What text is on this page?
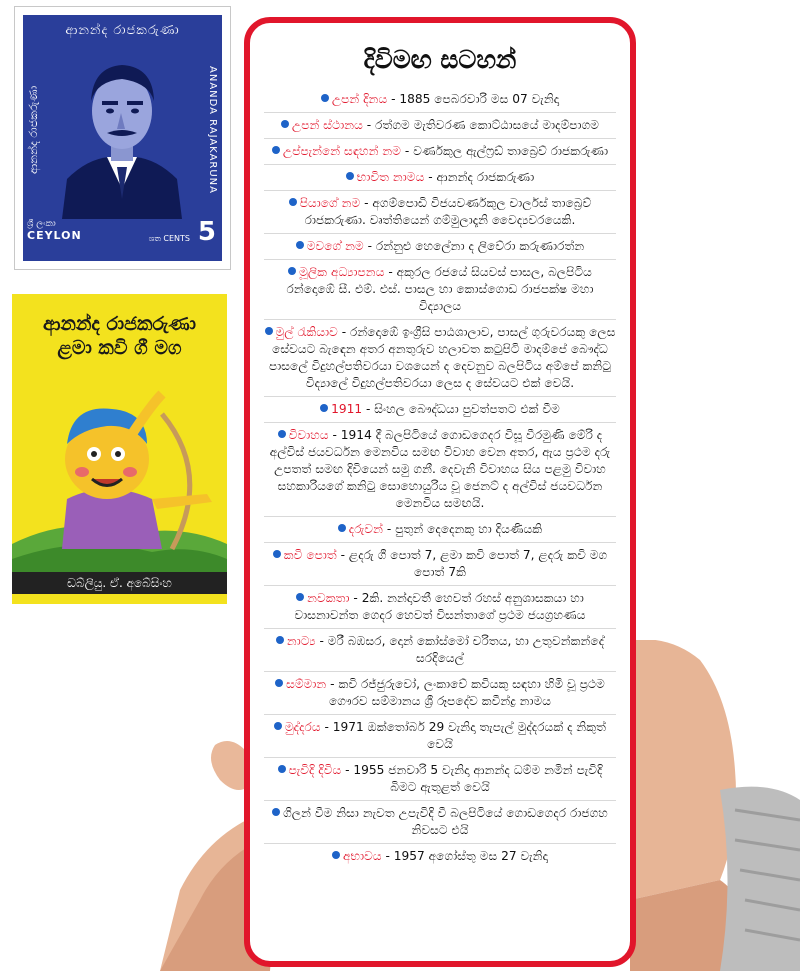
ආනන්ද රාජකරුණා
ආනන්ද රාජකරුණා	ANANDA RAJAKARUNA
ශ්‍රී ලංකා
CEYLON	ශත CENTS 5
ආනන්ද රාජකරුණා
ළමා කවි ගී මග
ඩබ්ලියු. ඒ. අබේසිංහ
දිවිමඟ සටහන්
උපන් දිනය - 1885 පෙබරවාරි මස 07 වැනිදා
උපන් ස්ථානය - රත්ගම මැතිවරණ කොට්ඨාසයේ මාදම්පාගම
උප්පැන්නේ සඳහන් නම - වර්ණකුල ඇල්ෆ්‍රඩ් තාබ්‍රෙව් රාජකරුණා
භාවිත නාමය - ආනන්ද රාජකරුණා
පියාගේ නම - අගම්පොඩි විජයවර්ණකුල චාර්ලස් තාබ්‍රෙව් රාජකරුණා. වෘත්තියෙන් ගම්මුලාදෑනි වෛද්‍යවරයෙකි.
මවගේ නම - රන්නුළු හෙලේනා ද ලිවේරා කරුණාරත්න
මූලික අධ්‍යාපනය - අකුරල රජයේ සියවස් පාසල, බලපිටිය රන්දොඹේ සී. එම්. එස්. පාසල හා කොස්ගොඩ රාජපක්ෂ මහා විද්‍යාලය
මුල් රැකියාව - රන්දොඹේ ඉංග්‍රීසි පාඨශාලාව, පාසල් ගුරුවරයකු ලෙස සේවයට බැඳෙන අතර අනතුරුව හලාවත කටුපිටි මාදම්පේ බෞද්ධ පාසලේ විදුහල්පතිවරයා වශයෙන් ද දෙවනුව බලපිටිය අම්පේ කනිටු විද්‍යාලේ විදුහල්පතිවරයා ලෙස ද සේවයට එක් වෙයි.
1911 - සිංහල බෞද්ධයා පුවත්පතට එක් වීම
විවාහය - 1914 දී බලපිටියේ ගොඩගෙදර විසූ වීරමුණි මේරි ද අල්විස් ජයවර්ධන මෙනවිය සමඟ විවාහ වෙන අතර, ඇය ප්‍රථම දරු උපතත් සමඟ දිවියෙන් සමු ගනී. දෙවැනි විවාහය සිය පළමු විවාහ සහකාරියගේ කනිටු සොහොයුරිය වූ ජෙනට් ද අල්විස් ජයවර්ධන මෙනවිය සමඟයි.
දරුවන් - පුතුන් දෙදෙනකු හා දියණියකි
කවි පොත් - ළදරු ගී පොත් 7, ළමා කවි පොත් 7, ළදරු කවි මග පොත් 7කි
නවකතා - 2කි. නන්දාවතී හෙවත් රහස් අනුශාසකයා හා වාසනාවන්ත ගෙදර හෙවත් විසන්තාගේ ප්‍රථම ජයග්‍රහණය
නාට්‍ය - මරී බඹසර, දොන් කෝස්මෝ චරිතය, හා උතුවන්කන්දේ සරදියෙල්
සම්මාන - කවි රජ්ජුරුවෝ, ලංකාවේ කවියකු සඳහා හිමි වූ ප්‍රථම ගෞරව සම්මානය ශ්‍රී රූපදේව කවීන්ද්‍ර නාමය
මුද්දරය - 1971 ඔක්තෝබර් 29 වැනිදා තැපැල් මුද්දරයක් ද නිකුත් වෙයි
පැවිදි දිවිය - 1955 ජනවාරි 5 වැනිදා ආනන්ද ධම්ම නමින් පැවිදි බිමට ඇතුළත් වෙයි
ගිලන් වීම නිසා නැවත උපැවිදි වී බලපිටියේ ගොඩගෙදර රාජගහ නිවසට එයි
අභාවය - 1957 අගෝස්තු මස 27 වැනිදා
